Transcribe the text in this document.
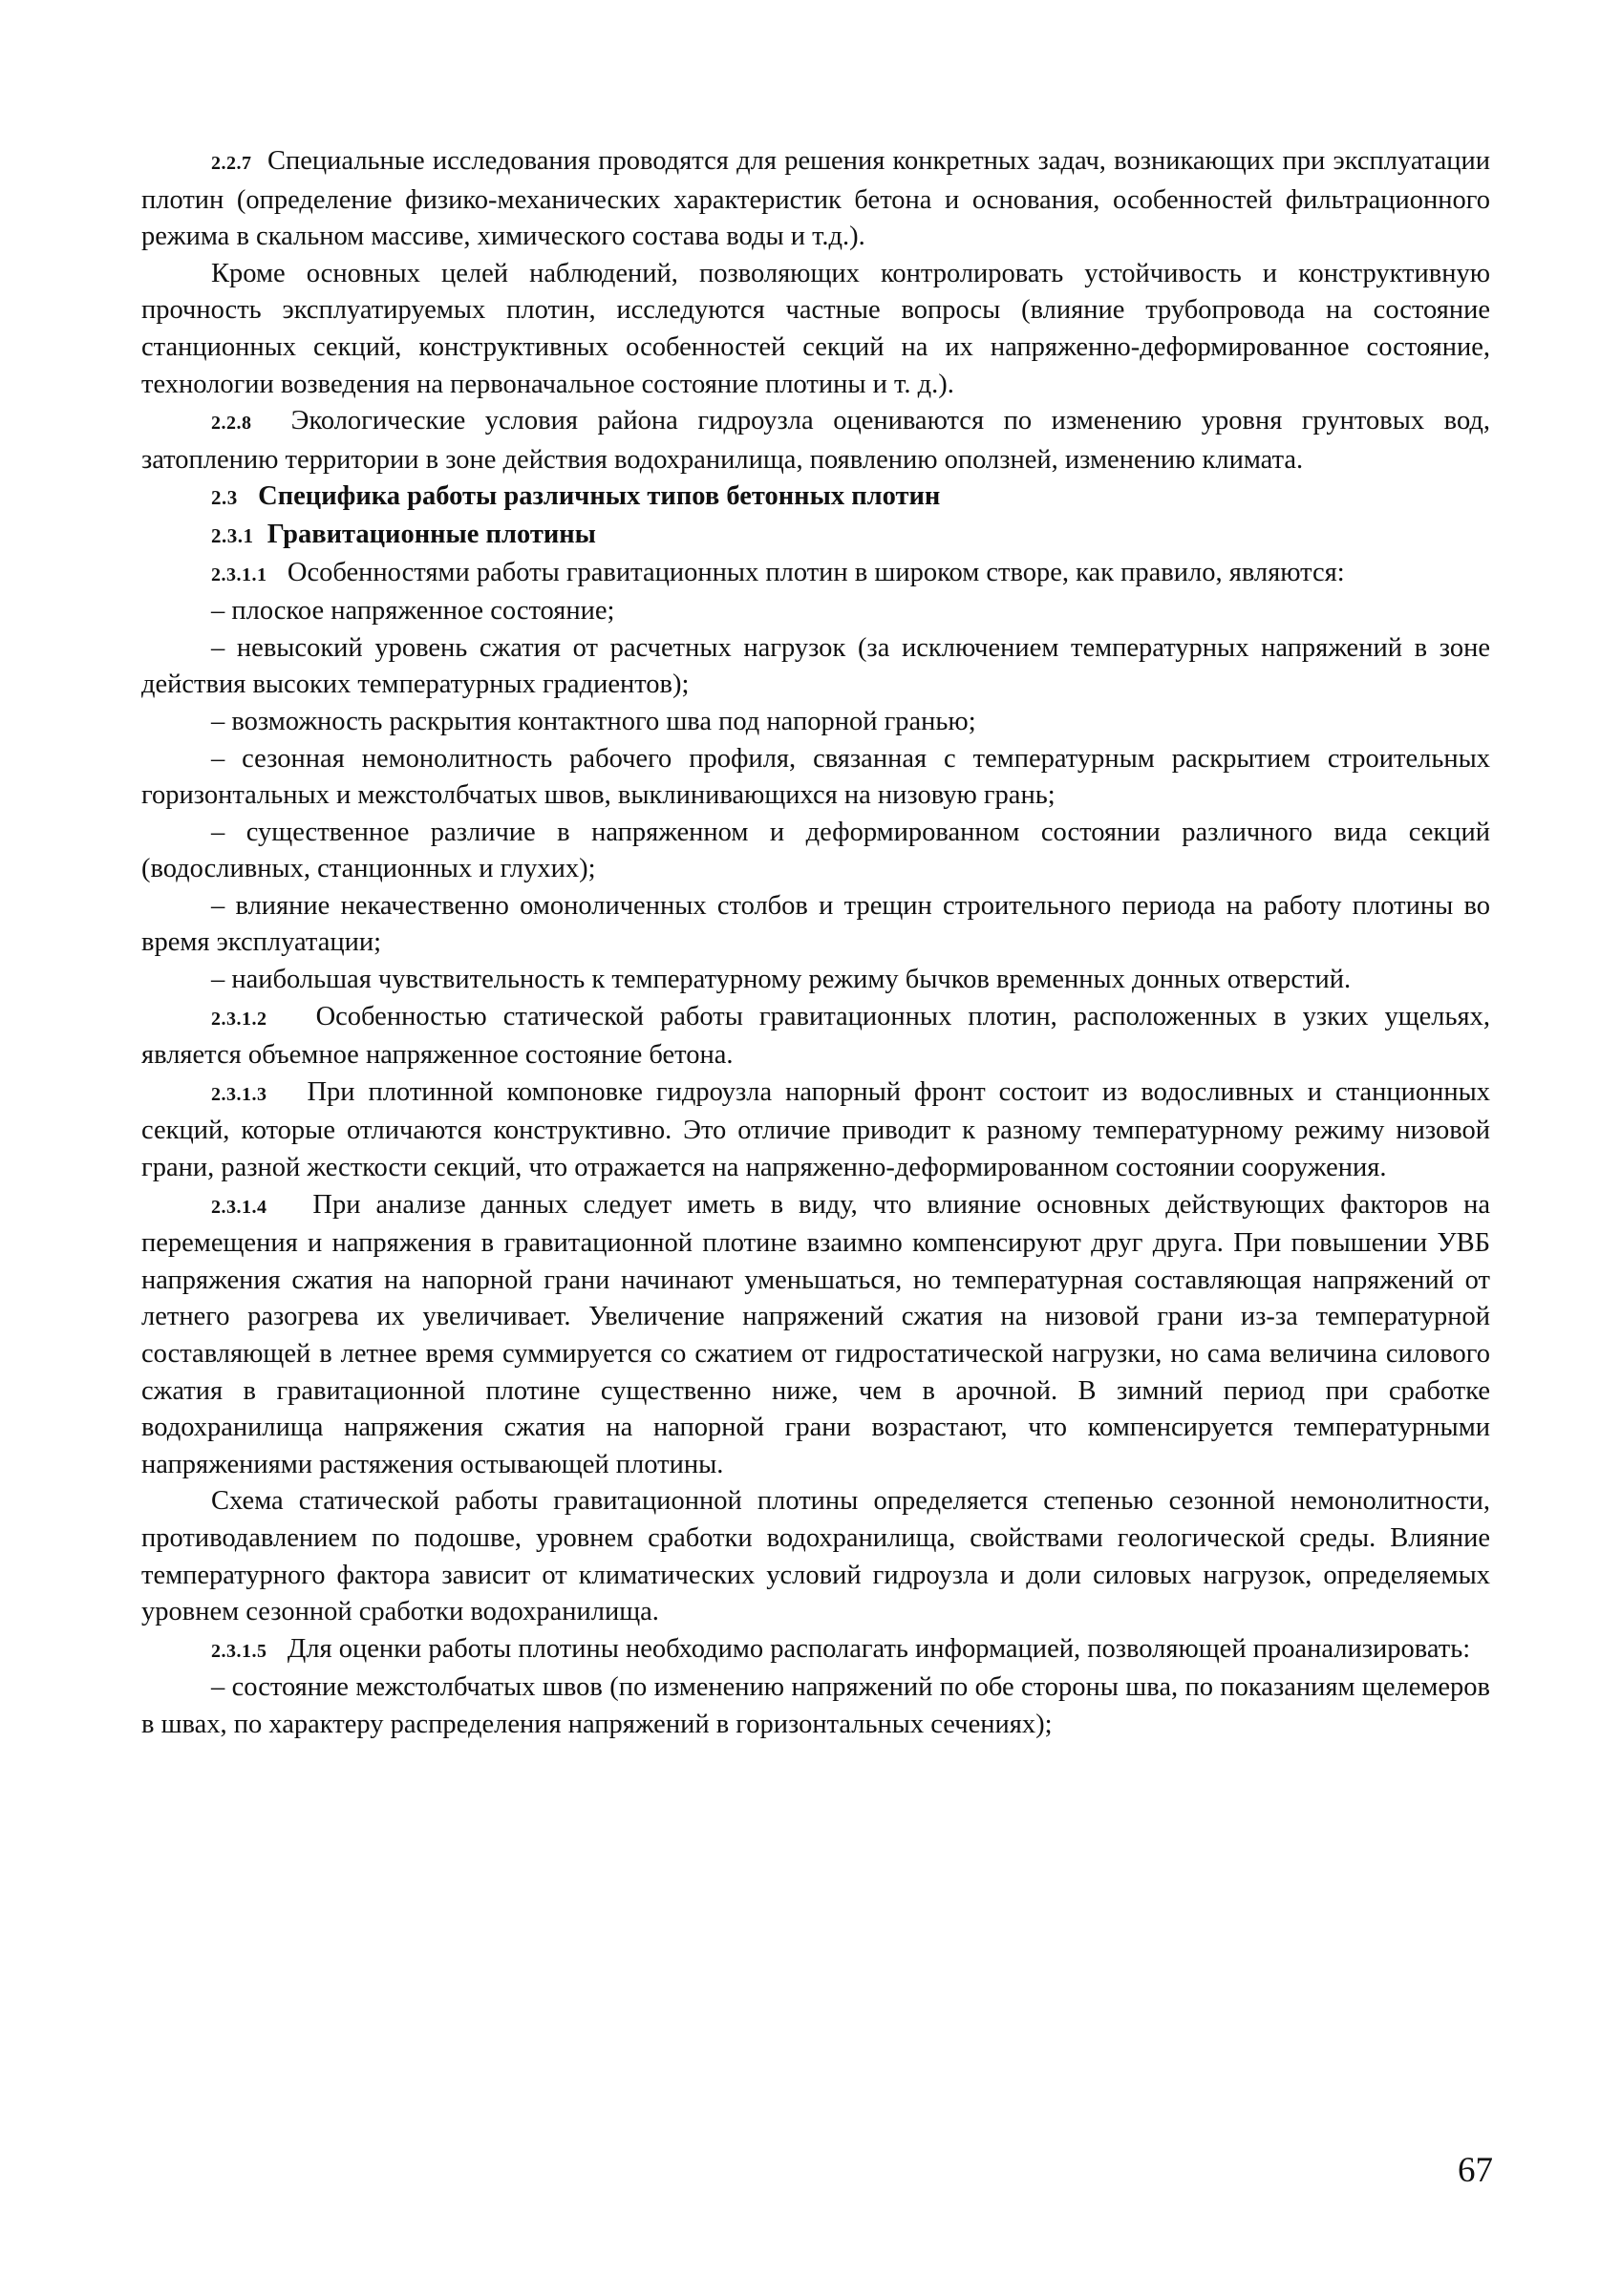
2.2.7 Специальные исследования проводятся для решения конкретных задач, возникающих при эксплуатации плотин (определение физико-механических характеристик бетона и основания, особенностей фильтрационного режима в скальном массиве, химического состава воды и т.д.).

Кроме основных целей наблюдений, позволяющих контролировать устойчивость и конструктивную прочность эксплуатируемых плотин, исследуются частные вопросы (влияние трубопровода на состояние станционных секций, конструктивных особенностей секций на их напряженно-деформированное состояние, технологии возведения на первоначальное состояние плотины и т. д.).

2.2.8 Экологические условия района гидроузла оцениваются по изменению уровня грунтовых вод, затоплению территории в зоне действия водохранилища, появлению оползней, изменению климата.

2.3 Специфика работы различных типов бетонных плотин

2.3.1 Гравитационные плотины

2.3.1.1 Особенностями работы гравитационных плотин в широком створе, как правило, являются:

– плоское напряженное состояние;

– невысокий уровень сжатия от расчетных нагрузок (за исключением температурных напряжений в зоне действия высоких температурных градиентов);

– возможность раскрытия контактного шва под напорной гранью;

– сезонная немонолитность рабочего профиля, связанная с температурным раскрытием строительных горизонтальных и межстолбчатых швов, выклинивающихся на низовую грань;

– существенное различие в напряженном и деформированном состоянии различного вида секций (водосливных, станционных и глухих);

– влияние некачественно омоноличенных столбов и трещин строительного периода на работу плотины во время эксплуатации;

– наибольшая чувствительность к температурному режиму бычков временных донных отверстий.

2.3.1.2 Особенностью статической работы гравитационных плотин, расположенных в узких ущельях, является объемное напряженное состояние бетона.

2.3.1.3 При плотинной компоновке гидроузла напорный фронт состоит из водосливных и станционных секций, которые отличаются конструктивно. Это отличие приводит к разному температурному режиму низовой грани, разной жесткости секций, что отражается на напряженно-деформированном состоянии сооружения.

2.3.1.4 При анализе данных следует иметь в виду, что влияние основных действующих факторов на перемещения и напряжения в гравитационной плотине взаимно компенсируют друг друга. При повышении УВБ напряжения сжатия на напорной грани начинают уменьшаться, но температурная составляющая напряжений от летнего разогрева их увеличивает. Увеличение напряжений сжатия на низовой грани из-за температурной составляющей в летнее время суммируется со сжатием от гидростатической нагрузки, но сама величина силового сжатия в гравитационной плотине существенно ниже, чем в арочной. В зимний период при сработке водохранилища напряжения сжатия на напорной грани возрастают, что компенсируется температурными напряжениями растяжения остывающей плотины.

Схема статической работы гравитационной плотины определяется степенью сезонной немонолитности, противодавлением по подошве, уровнем сработки водохранилища, свойствами геологической среды. Влияние температурного фактора зависит от климатических условий гидроузла и доли силовых нагрузок, определяемых уровнем сезонной сработки водохранилища.

2.3.1.5 Для оценки работы плотины необходимо располагать информацией, позволяющей проанализировать:

– состояние межстолбчатых швов (по изменению напряжений по обе стороны шва, по показаниям щелемеров в швах, по характеру распределения напряжений в горизонтальных сечениях);

67
